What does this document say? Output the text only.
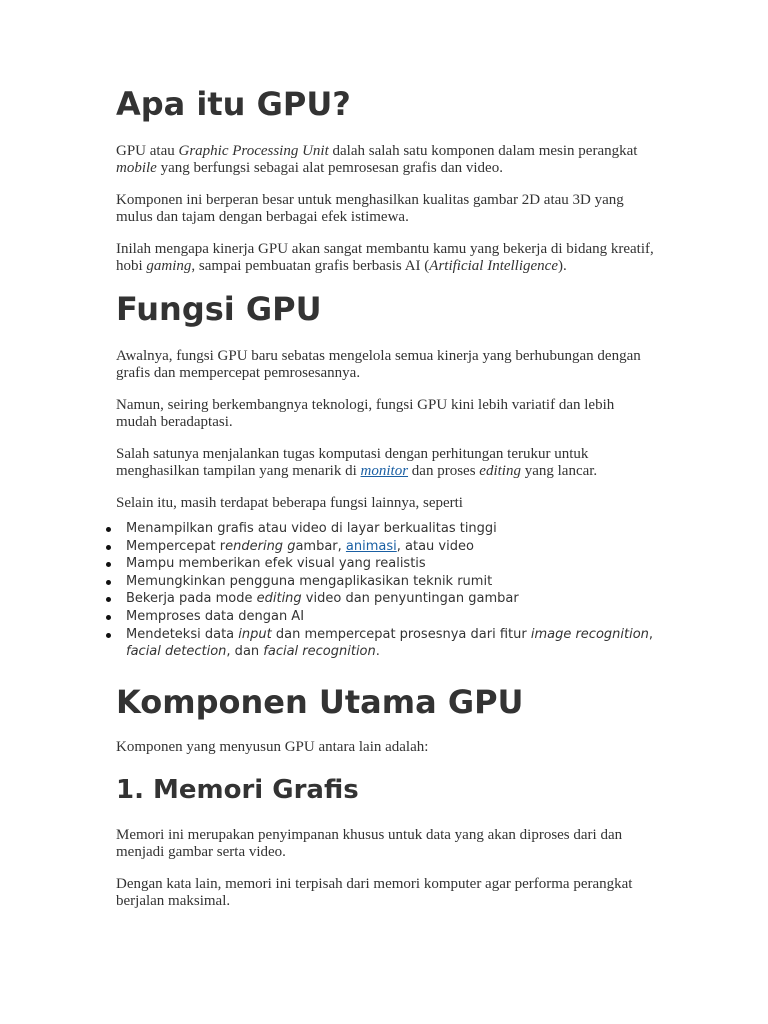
Apa itu GPU?

GPU atau Graphic Processing Unit dalah salah satu komponen dalam mesin perangkat mobile yang berfungsi sebagai alat pemrosesan grafis dan video.

Komponen ini berperan besar untuk menghasilkan kualitas gambar 2D atau 3D yang mulus dan tajam dengan berbagai efek istimewa.

Inilah mengapa kinerja GPU akan sangat membantu kamu yang bekerja di bidang kreatif, hobi gaming, sampai pembuatan grafis berbasis AI (Artificial Intelligence).

Fungsi GPU

Awalnya, fungsi GPU baru sebatas mengelola semua kinerja yang berhubungan dengan grafis dan mempercepat pemrosesannya.

Namun, seiring berkembangnya teknologi, fungsi GPU kini lebih variatif dan lebih mudah beradaptasi.

Salah satunya menjalankan tugas komputasi dengan perhitungan terukur untuk menghasilkan tampilan yang menarik di monitor dan proses editing yang lancar.

Selain itu, masih terdapat beberapa fungsi lainnya, seperti

Menampilkan grafis atau video di layar berkualitas tinggi
Mempercepat rendering gambar, animasi, atau video
Mampu memberikan efek visual yang realistis
Memungkinkan pengguna mengaplikasikan teknik rumit
Bekerja pada mode editing video dan penyuntingan gambar
Memproses data dengan AI
Mendeteksi data input dan mempercepat prosesnya dari fitur image recognition, facial detection, dan facial recognition.
Komponen Utama GPU

Komponen yang menyusun GPU antara lain adalah:

1. Memori Grafis

Memori ini merupakan penyimpanan khusus untuk data yang akan diproses dari dan menjadi gambar serta video.

Dengan kata lain, memori ini terpisah dari memori komputer agar performa perangkat berjalan maksimal.
